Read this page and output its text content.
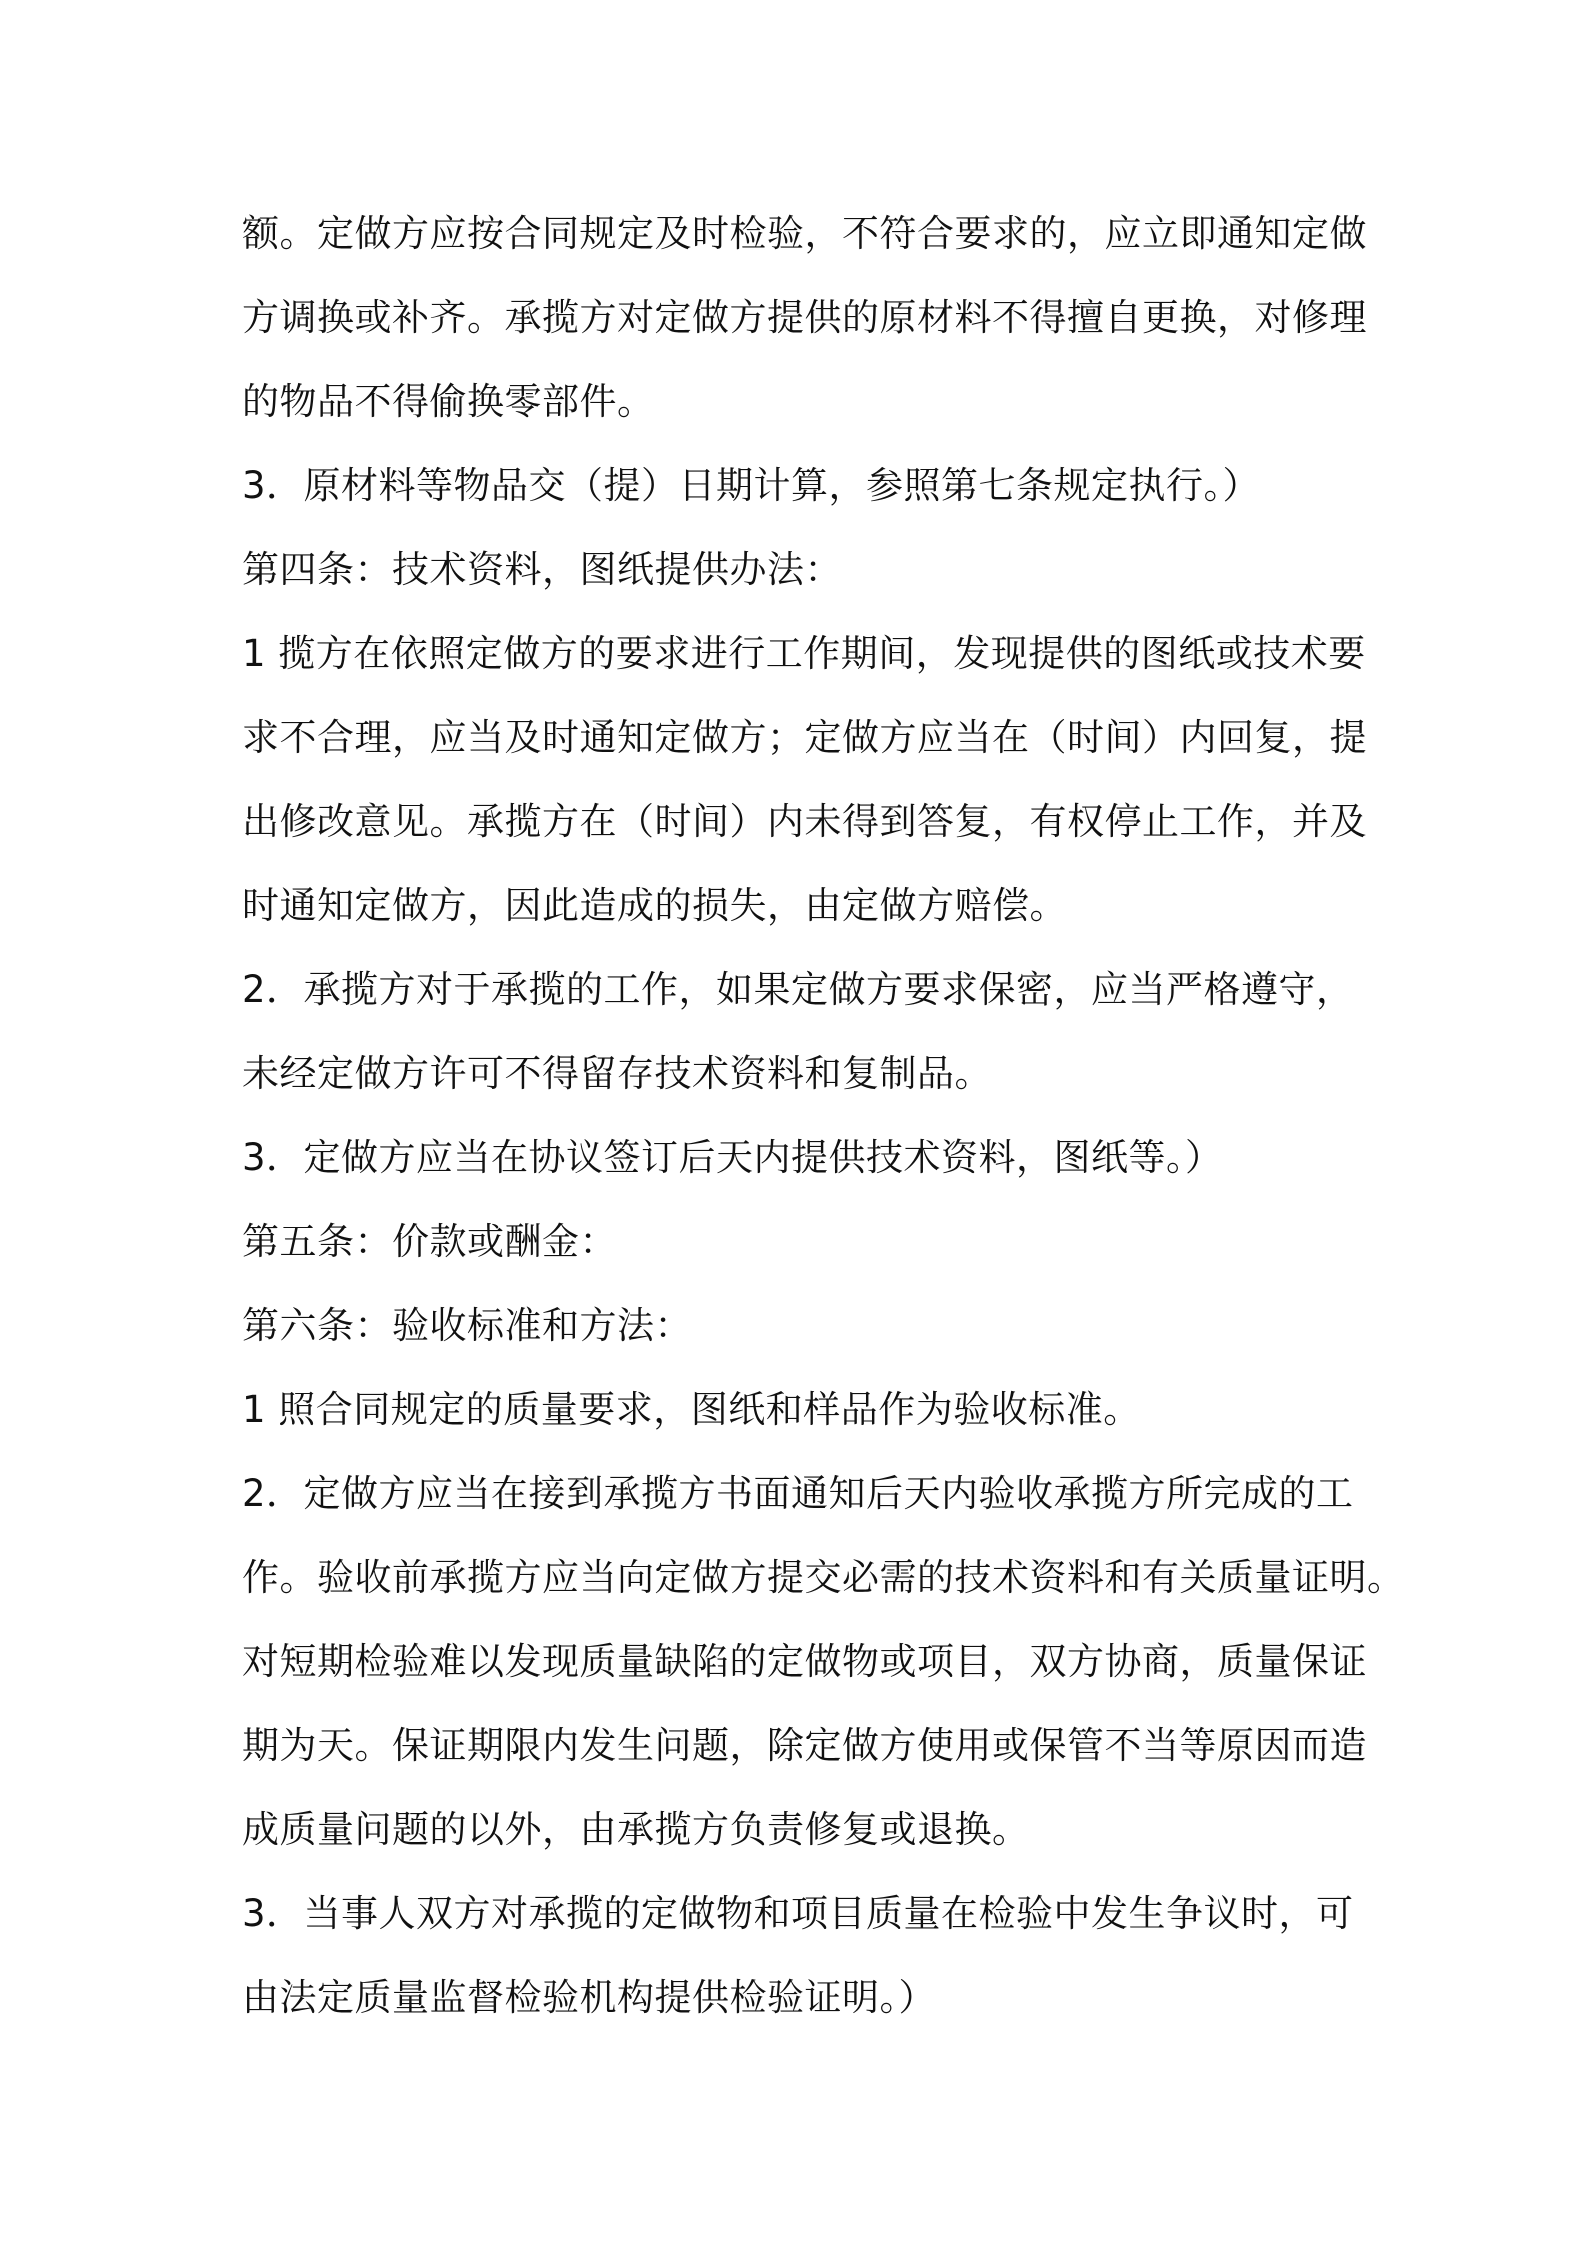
额。定做方应按合同规定及时检验，不符合要求的，应立即通知定做
方调换或补齐。承揽方对定做方提供的原材料不得擅自更换，对修理
的物品不得偷换零部件。
3．原材料等物品交（提）日期计算，参照第七条规定执行。）
第四条：技术资料，图纸提供办法：
1 揽方在依照定做方的要求进行工作期间，发现提供的图纸或技术要
求不合理，应当及时通知定做方；定做方应当在（时间）内回复，提
出修改意见。承揽方在（时间）内未得到答复，有权停止工作，并及
时通知定做方，因此造成的损失，由定做方赔偿。
2．承揽方对于承揽的工作，如果定做方要求保密，应当严格遵守，
未经定做方许可不得留存技术资料和复制品。
3．定做方应当在协议签订后天内提供技术资料，图纸等。）
第五条：价款或酬金：
第六条：验收标准和方法：
1 照合同规定的质量要求，图纸和样品作为验收标准。
2．定做方应当在接到承揽方书面通知后天内验收承揽方所完成的工
作。验收前承揽方应当向定做方提交必需的技术资料和有关质量证明。
对短期检验难以发现质量缺陷的定做物或项目，双方协商，质量保证
期为天。保证期限内发生问题，除定做方使用或保管不当等原因而造
成质量问题的以外，由承揽方负责修复或退换。
3．当事人双方对承揽的定做物和项目质量在检验中发生争议时，可
由法定质量监督检验机构提供检验证明。）
